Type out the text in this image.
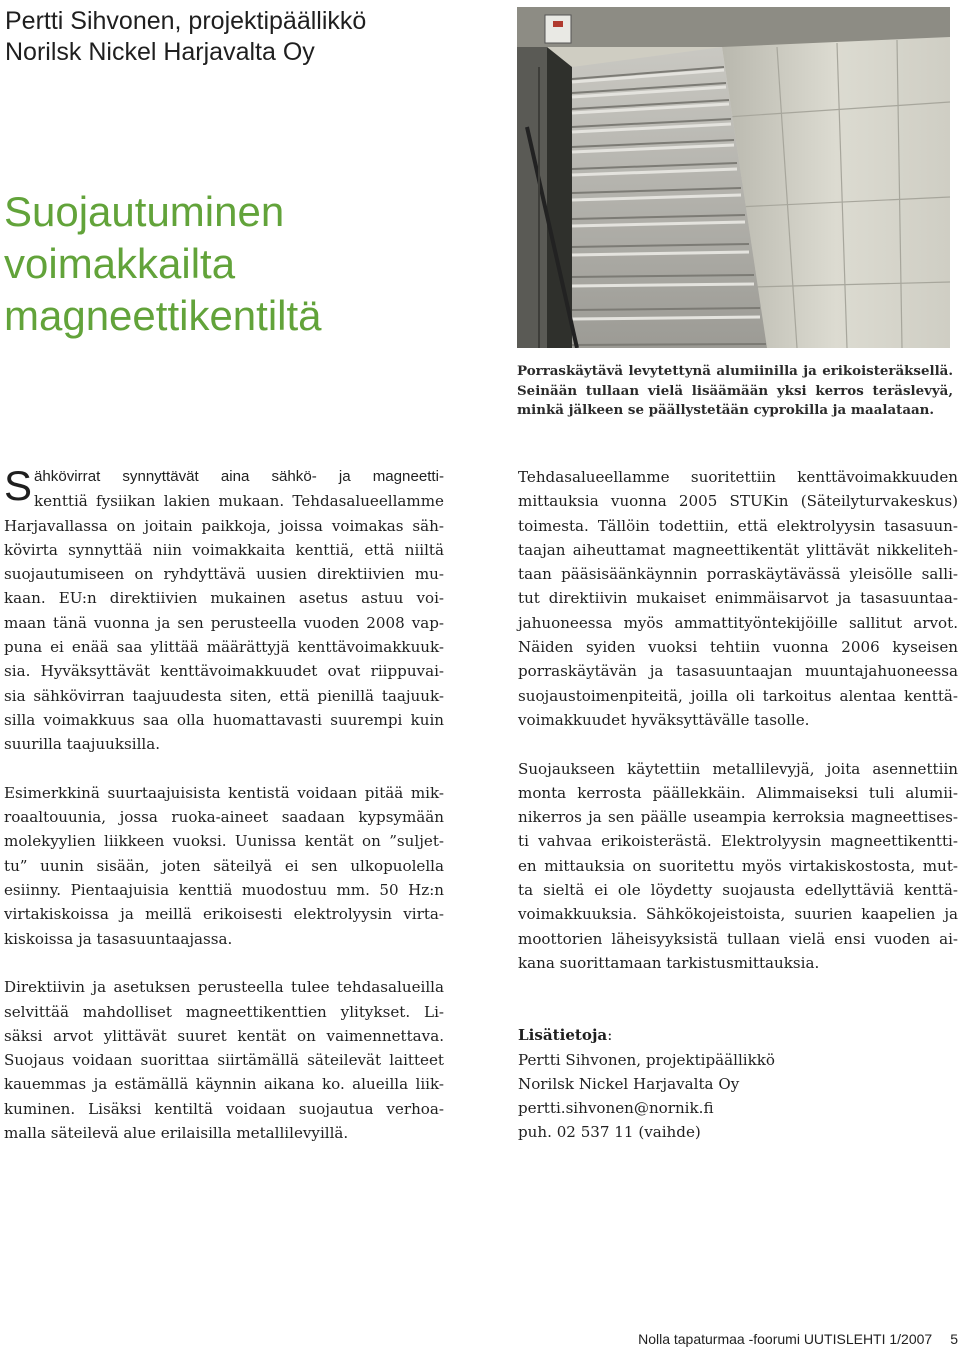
Pertti Sihvonen, projektipäällikkö
Norilsk Nickel Harjavalta Oy
Suojautuminen
voimakkailta
magneettikentiltä
Porraskäytävä levytettynä alumiinilla ja erikoisteräksellä.
Seinään tullaan vielä lisäämään yksi kerros teräslevyä,
minkä jälkeen se päällystetään cyprokilla ja maalataan.
S ähkövirrat synnyttävät aina sähkö- ja magneetti-
kenttiä fysiikan lakien mukaan. Tehdasalueellamme
Harjavallassa on joitain paikkoja, joissa voimakas säh-
kövirta synnyttää niin voimakkaita kenttiä, että niiltä
suojautumiseen on ryhdyttävä uusien direktiivien mu-
kaan. EU:n direktiivien mukainen asetus astuu voi-
maan tänä vuonna ja sen perusteella vuoden 2008 vap-
puna ei enää saa ylittää määrättyjä kenttävoimakkuuk-
sia. Hyväksyttävät kenttävoimakkuudet ovat riippuvai-
sia sähkövirran taajuudesta siten, että pienillä taajuuk-
silla voimakkuus saa olla huomattavasti suurempi kuin
suurilla taajuuksilla.
Esimerkkinä suurtaajuisista kentistä voidaan pitää mik-
roaaltouunia, jossa ruoka-aineet saadaan kypsymään
molekyylien liikkeen vuoksi. Uunissa kentät on ”suljet-
tu” uunin sisään, joten säteilyä ei sen ulkopuolella
esiinny. Pientaajuisia kenttiä muodostuu mm. 50 Hz:n
virtakiskoissa ja meillä erikoisesti elektrolyysin virta-
kiskoissa ja tasasuuntaajassa.
Direktiivin ja asetuksen perusteella tulee tehdasalueilla
selvittää mahdolliset magneettikenttien ylitykset. Li-
säksi arvot ylittävät suuret kentät on vaimennettava.
Suojaus voidaan suorittaa siirtämällä säteilevät laitteet
kauemmas ja estämällä käynnin aikana ko. alueilla liik-
kuminen. Lisäksi kentiltä voidaan suojautua verhoa-
malla säteilevä alue erilaisilla metallilevyillä.
Tehdasalueellamme suoritettiin kenttävoimakkuuden
mittauksia vuonna 2005 STUKin (Säteilyturvakeskus)
toimesta. Tällöin todettiin, että elektrolyysin tasasuun-
taajan aiheuttamat magneettikentät ylittävät nikkeliteh-
taan pääsisäänkäynnin porraskäytävässä yleisölle salli-
tut direktiivin mukaiset enimmäisarvot ja tasasuuntaa-
jahuoneessa myös ammattityöntekijöille sallitut arvot.
Näiden syiden vuoksi tehtiin vuonna 2006 kyseisen
porraskäytävän ja tasasuuntaajan muuntajahuoneessa
suojaustoimenpiteitä, joilla oli tarkoitus alentaa kenttä-
voimakkuudet hyväksyttävälle tasolle.
Suojaukseen käytettiin metallilevyjä, joita asennettiin
monta kerrosta päällekkäin. Alimmaiseksi tuli alumii-
nikerros ja sen päälle useampia kerroksia magneettises-
ti vahvaa erikoisterästä. Elektrolyysin magneettikentti-
en mittauksia on suoritettu myös virtakiskostosta, mut-
ta sieltä ei ole löydetty suojausta edellyttäviä kenttä-
voimakkuuksia. Sähkökojeistoista, suurien kaapelien ja
moottorien läheisyyksistä tullaan vielä ensi vuoden ai-
kana suorittamaan tarkistusmittauksia.
Lisätietoja:
Pertti Sihvonen, projektipäällikkö
Norilsk Nickel Harjavalta Oy
pertti.sihvonen@nornik.fi
puh. 02 537 11 (vaihde)
Nolla tapaturmaa -foorumi UUTISLEHTI 1/2007 5
